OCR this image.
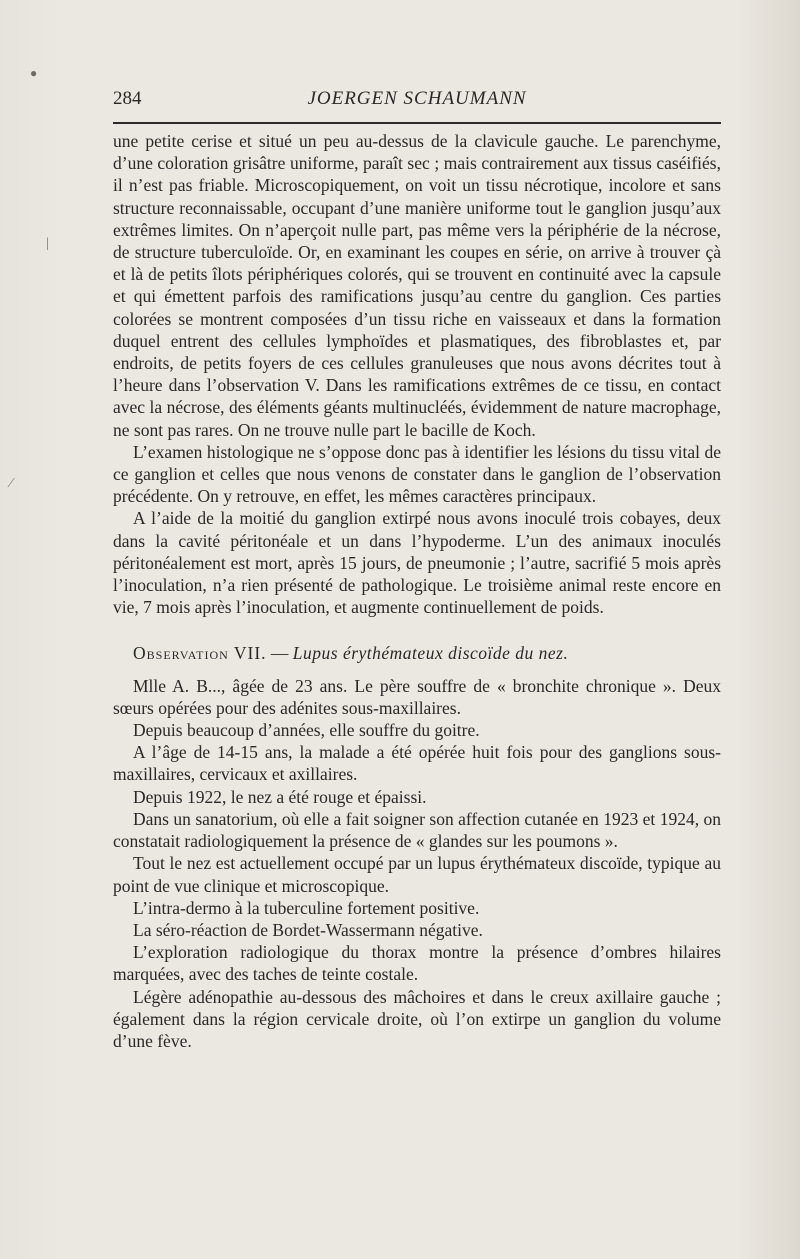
●
|
⁄
284	JOERGEN SCHAUMANN

une petite cerise et situé un peu au-dessus de la clavicule gauche. Le parenchyme, d’une coloration grisâtre uniforme, paraît sec ; mais contrairement aux tissus caséifiés, il n’est pas friable. Microscopiquement, on voit un tissu nécrotique, incolore et sans structure reconnaissable, occupant d’une manière uniforme tout le ganglion jusqu’aux extrêmes limites. On n’aperçoit nulle part, pas même vers la périphérie de la nécrose, de structure tuberculoïde. Or, en examinant les coupes en série, on arrive à trouver çà et là de petits îlots périphériques colorés, qui se trouvent en continuité avec la capsule et qui émettent parfois des ramifications jusqu’au centre du ganglion. Ces parties colorées se montrent composées d’un tissu riche en vaisseaux et dans la formation duquel entrent des cellules lymphoïdes et plasmatiques, des fibroblastes et, par endroits, de petits foyers de ces cellules granuleuses que nous avons décrites tout à l’heure dans l’observation V. Dans les ramifications extrêmes de ce tissu, en contact avec la nécrose, des éléments géants multinucléés, évidemment de nature macrophage, ne sont pas rares. On ne trouve nulle part le bacille de Koch.

L’examen histologique ne s’oppose donc pas à identifier les lésions du tissu vital de ce ganglion et celles que nous venons de constater dans le ganglion de l’observation précédente. On y retrouve, en effet, les mêmes caractères principaux.

A l’aide de la moitié du ganglion extirpé nous avons inoculé trois cobayes, deux dans la cavité péritonéale et un dans l’hypoderme. L’un des animaux inoculés péritonéalement est mort, après 15 jours, de pneumonie ; l’autre, sacrifié 5 mois après l’inoculation, n’a rien présenté de pathologique. Le troisième animal reste encore en vie, 7 mois après l’inoculation, et augmente continuellement de poids.

Observation VII. — Lupus érythémateux discoïde du nez.

Mlle A. B..., âgée de 23 ans. Le père souffre de « bronchite chronique ». Deux sœurs opérées pour des adénites sous-maxillaires.

Depuis beaucoup d’années, elle souffre du goitre.

A l’âge de 14-15 ans, la malade a été opérée huit fois pour des ganglions sous-maxillaires, cervicaux et axillaires.

Depuis 1922, le nez a été rouge et épaissi.

Dans un sanatorium, où elle a fait soigner son affection cutanée en 1923 et 1924, on constatait radiologiquement la présence de « glandes sur les poumons ».

Tout le nez est actuellement occupé par un lupus érythémateux discoïde, typique au point de vue clinique et microscopique.

L’intra-dermo à la tuberculine fortement positive.

La séro-réaction de Bordet-Wassermann négative.

L’exploration radiologique du thorax montre la présence d’ombres hilaires marquées, avec des taches de teinte costale.

Légère adénopathie au-dessous des mâchoires et dans le creux axillaire gauche ; également dans la région cervicale droite, où l’on extirpe un ganglion du volume d’une fève.
